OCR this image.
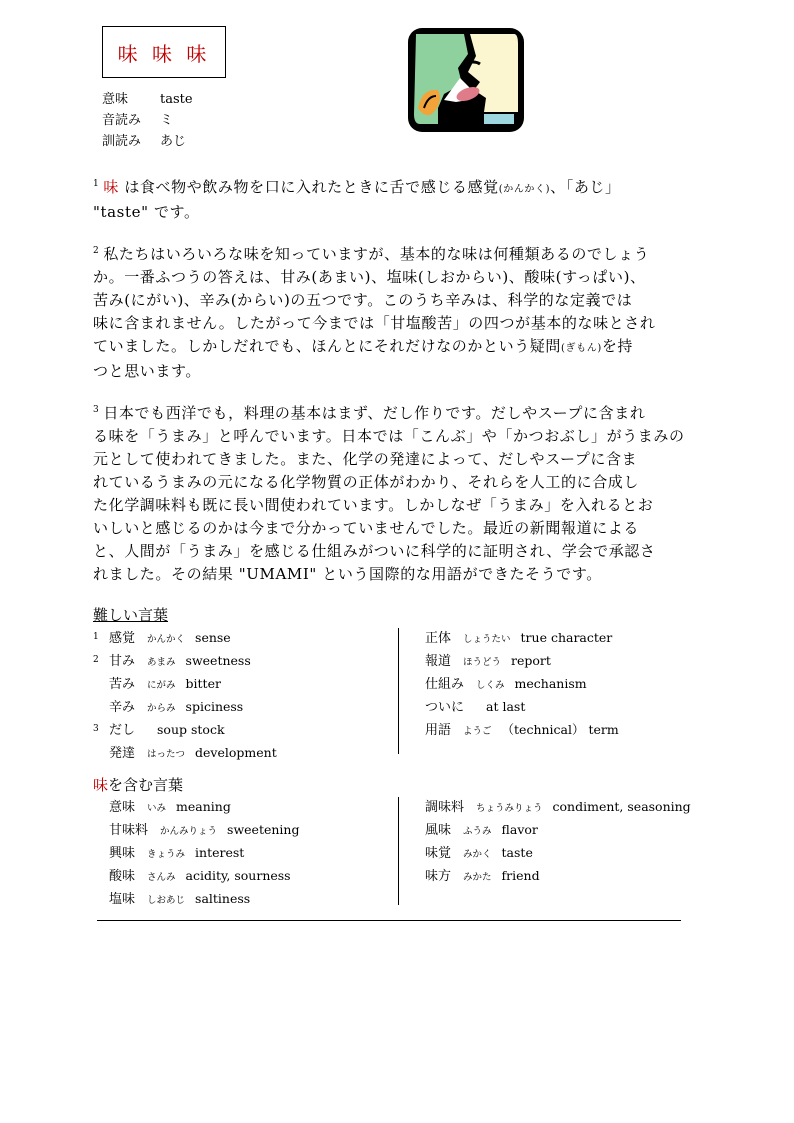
味 味 味
意味 taste
音読み ミ
訓読み あじ
$^1$ 味 は食べ物や飲み物を口に入れたときに舌で感じる感覚(かんかく)、「あじ」
"taste" です。
$^2$ 私たちはいろいろな味を知っていますが、基本的な味は何種類あるのでしょう
か。一番ふつうの答えは、甘み(あまい)、塩味(しおからい)、酸味(すっぱい)、
苦み(にがい)、辛み(からい)の五つです。このうち辛みは、科学的な定義では
味に含まれません。したがって今までは「甘塩酸苦」の四つが基本的な味とされ
ていました。しかしだれでも、ほんとにそれだけなのかという疑問(ぎもん)を持
つと思います。
$^3$ 日本でも西洋でも，料理の基本はまず、だし作りです。だしやスープに含まれ
る味を「うまみ」と呼んでいます。日本では「こんぶ」や「かつおぶし」がうまみの
元として使われてきました。また、化学の発達によって、だしやスープに含ま
れているうまみの元になる化学物質の正体がわかり、それらを人工的に合成し
た化学調味料も既に長い間使われています。しかしなぜ「うまみ」を入れるとお
いしいと感じるのかは今まで分かっていませんでした。最近の新聞報道による
と、人間が「うまみ」を感じる仕組みがついに科学的に証明され、学会で承認さ
れました。その結果 "UMAMI" という国際的な用語ができたそうです。
難しい言葉
1 感覚 かんかく sense
2 甘み あまみ sweetness
苦み にがみ bitter
辛み からみ spiciness
3 だし soup stock
発達 はったつ development
正体 しょうたい true character
報道 ほうどう report
仕組み しくみ mechanism
ついに at last
用語 ようご （technical） term
味を含む言葉
意味 いみ meaning
甘味料 かんみりょう sweetening
興味 きょうみ interest
酸味 さんみ acidity, sourness
塩味 しおあじ saltiness
調味料 ちょうみりょう condiment, seasoning
風味 ふうみ flavor
味覚 みかく taste
味方 みかた friend
